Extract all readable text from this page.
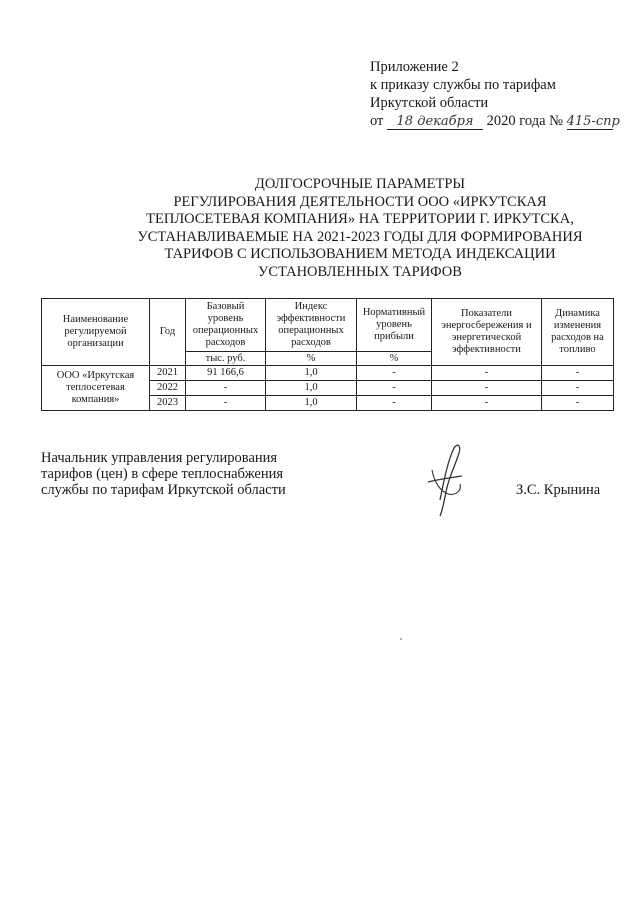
Приложение 2
к приказу службы по тарифам
Иркутской области
от 18 декабря 2020 года № 415-спр
ДОЛГОСРОЧНЫЕ ПАРАМЕТРЫ
РЕГУЛИРОВАНИЯ ДЕЯТЕЛЬНОСТИ ООО «ИРКУТСКАЯ
ТЕПЛОСЕТЕВАЯ КОМПАНИЯ» НА ТЕРРИТОРИИ Г. ИРКУТСКА,
УСТАНАВЛИВАЕМЫЕ НА 2021-2023 ГОДЫ ДЛЯ ФОРМИРОВАНИЯ
ТАРИФОВ С ИСПОЛЬЗОВАНИЕМ МЕТОДА ИНДЕКСАЦИИ
УСТАНОВЛЕННЫХ ТАРИФОВ
Наименование регулируемой организации	Год	Базовый уровень операционных расходов	Индекс эффективности операционных расходов	Нормативный уровень прибыли	Показатели энергосбережения и энергетической эффективности	Динамика изменения расходов на топливо
		тыс. руб.	%	%		
ООО «Иркутская теплосетевая компания»	2021	91 166,6	1,0	-	-	-
	2022	-	1,0	-	-	-
	2023	-	1,0	-	-	-
Начальник управления регулирования
тарифов (цен) в сфере теплоснабжения
службы по тарифам Иркутской области	З.С. Крынина
